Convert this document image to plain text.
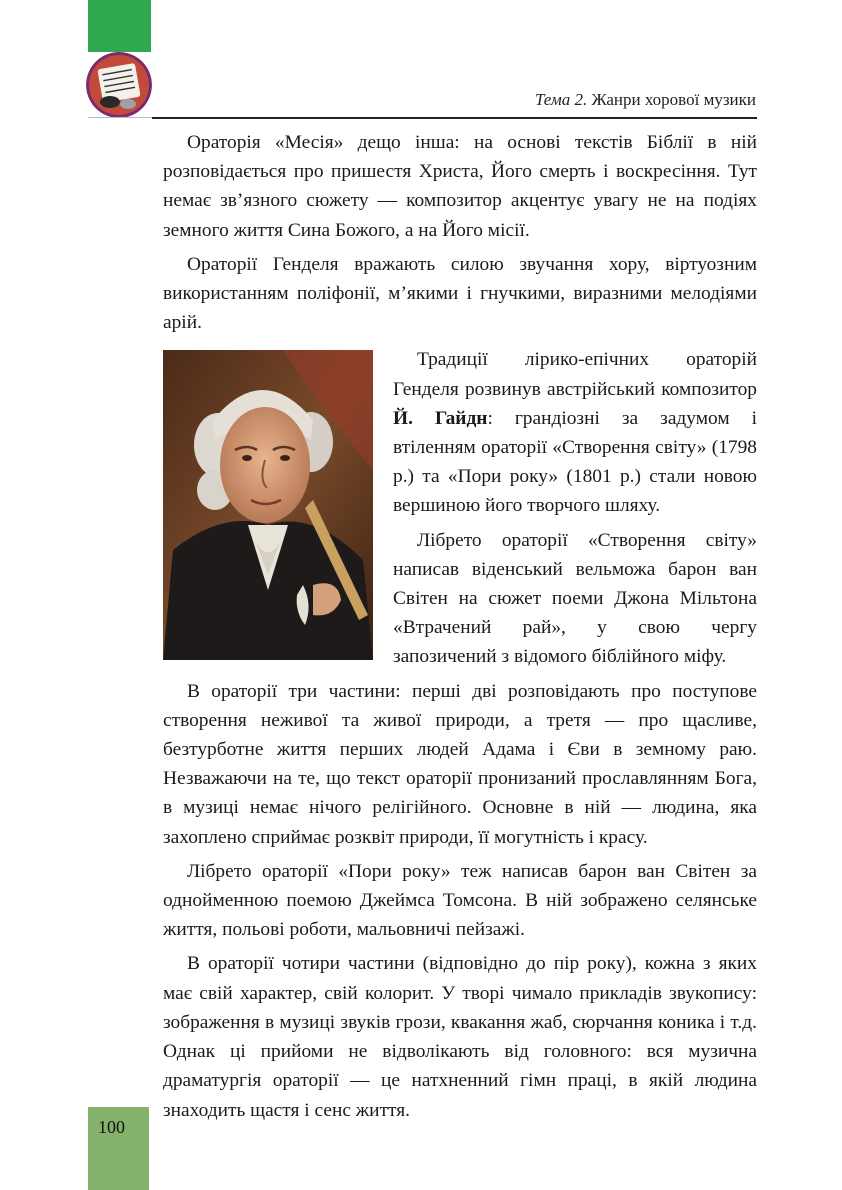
Тема 2. Жанри хорової музики

Ораторія «Месія» дещо інша: на основі текстів Біблії в ній розповідається про пришестя Христа, Його смерть і воскресіння. Тут немає зв’язного сюжету — композитор акцентує увагу не на подіях земного життя Сина Божого, а на Його місії.

Ораторії Генделя вражають силою звучання хору, віртуозним використанням поліфонії, м’якими і гнучкими, виразними мелодіями арій.

Традиції лірико-епічних ораторій Генделя розвинув австрійський композитор Й. Гайдн: грандіозні за задумом і втіленням ораторії «Створення світу» (1798 р.) та «Пори року» (1801 р.) стали новою вершиною його творчого шляху.

Лібрето ораторії «Створення світу» написав віденський вельможа барон ван Світен на сюжет поеми Джона Мільтона «Втрачений рай», у свою чергу запозичений з відомого біблійного міфу.

В ораторії три частини: перші дві розповідають про поступове створення неживої та живої природи, а третя — про щасливе, безтурботне життя перших людей Адама і Єви в земному раю. Незважаючи на те, що текст ораторії пронизаний прославлянням Бога, в музиці немає нічого релігійного. Основне в ній — людина, яка захоплено сприймає розквіт природи, її могутність і красу.

Лібрето ораторії «Пори року» теж написав барон ван Світен за однойменною поемою Джеймса Томсона. В ній зображено селянське життя, польові роботи, мальовничі пейзажі.

В ораторії чотири частини (відповідно до пір року), кожна з яких має свій характер, свій колорит. У творі чимало прикладів звукопису: зображення в музиці звуків грози, квакання жаб, сюрчання коника і т.д. Однак ці прийоми не відволікають від головного: вся музична драматургія ораторії — це натхненний гімн праці, в якій людина знаходить щастя і сенс життя.

100
